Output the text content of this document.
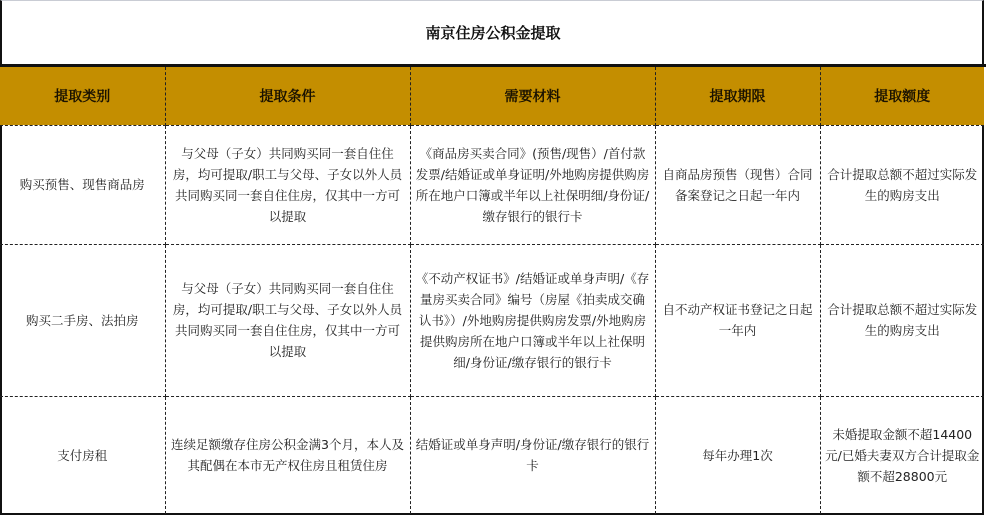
南京住房公积金提取
提取类别	提取条件	需要材料	提取期限	提取额度
购买预售、现售商品房	与父母（子女）共同购买同一套自住住房，均可提取/职工与父母、子女以外人员共同购买同一套自住住房，仅其中一方可以提取	《商品房买卖合同》(预售/现售）/首付款发票/结婚证或单身证明/外地购房提供购房所在地户口簿或半年以上社保明细/身份证/缴存银行的银行卡	自商品房预售（现售）合同备案登记之日起一年内	合计提取总额不超过实际发生的购房支出
购买二手房、法拍房	与父母（子女）共同购买同一套自住住房，均可提取/职工与父母、子女以外人员共同购买同一套自住住房，仅其中一方可以提取	《不动产权证书》/结婚证或单身声明/《存量房买卖合同》编号（房屋《拍卖成交确认书》）/外地购房提供购房发票/外地购房提供购房所在地户口簿或半年以上社保明细/身份证/缴存银行的银行卡	自不动产权证书登记之日起一年内	合计提取总额不超过实际发生的购房支出
支付房租	连续足额缴存住房公积金满3个月，本人及其配偶在本市无产权住房且租赁住房	结婚证或单身声明/身份证/缴存银行的银行卡	每年办理1次	未婚提取金额不超14400元/已婚夫妻双方合计提取金额不超28800元
